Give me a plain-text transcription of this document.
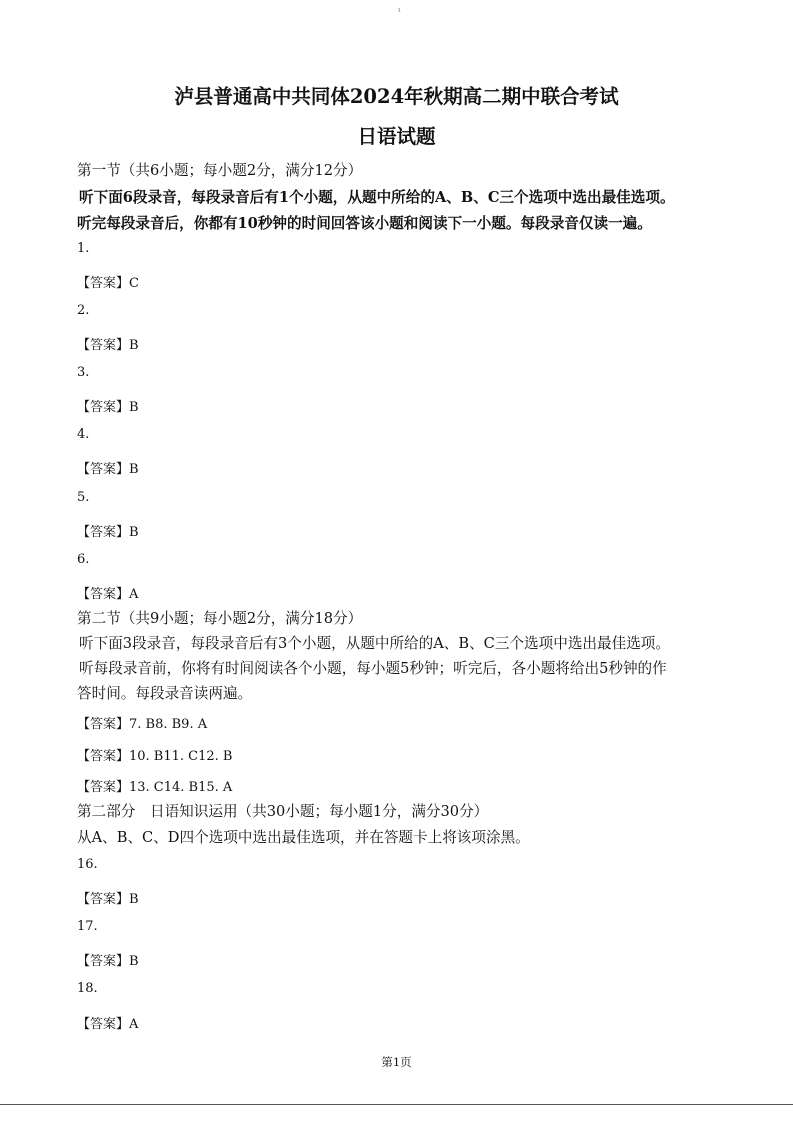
ι
泸县普通高中共同体2024年秋期高二期中联合考试
日语试题
第一节（共6小题；每小题2分，满分12分）
听下面6段录音，每段录音后有1个小题，从题中所给的A、B、C三个选项中选出最佳选项。
听完每段录音后，你都有10秒钟的时间回答该小题和阅读下一小题。每段录音仅读一遍。
1.
【答案】C
2.
【答案】B
3.
【答案】B
4.
【答案】B
5.
【答案】B
6.
【答案】A
第二节（共9小题；每小题2分，满分18分）
听下面3段录音，每段录音后有3个小题，从题中所给的A、B、C三个选项中选出最佳选项。
听每段录音前，你将有时间阅读各个小题，每小题5秒钟；听完后，各小题将给出5秒钟的作
答时间。每段录音读两遍。
【答案】7. B8. B9. A
【答案】10. B11. C12. B
【答案】13. C14. B15. A
第二部分　日语知识运用（共30小题；每小题1分，满分30分）
从A、B、C、D四个选项中选出最佳选项，并在答题卡上将该项涂黑。
16.
【答案】B
17.
【答案】B
18.
【答案】A
第1页
